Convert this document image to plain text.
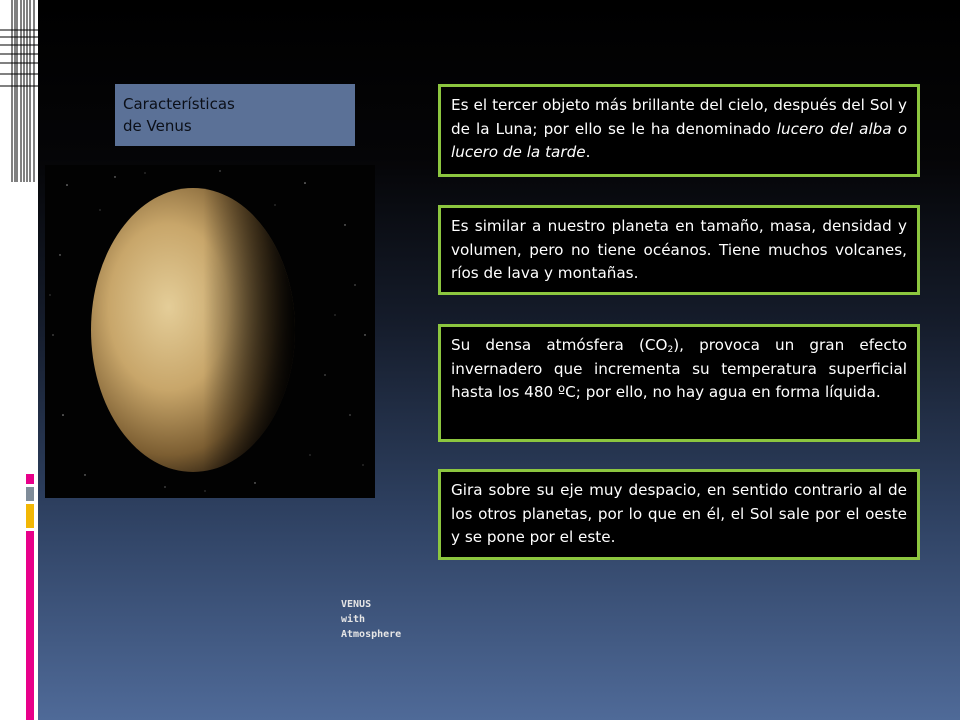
Características
de Venus
VENUS
with Atmosphere
Es el tercer objeto más brillante del cielo, después del Sol y de la Luna; por ello se le ha denominado lucero del alba o lucero de la tarde.
Es similar a nuestro planeta en tamaño, masa, densidad y volumen, pero no tiene océanos. Tiene muchos volcanes, ríos de lava y montañas.
Su densa atmósfera $(CO_2)$, provoca un gran efecto invernadero que incrementa su temperatura superficial hasta los 480 ºC; por ello, no hay agua en forma líquida.
Gira sobre su eje muy despacio, en sentido contrario al de los otros planetas, por lo que en él, el Sol sale por el oeste y se pone por el este.
